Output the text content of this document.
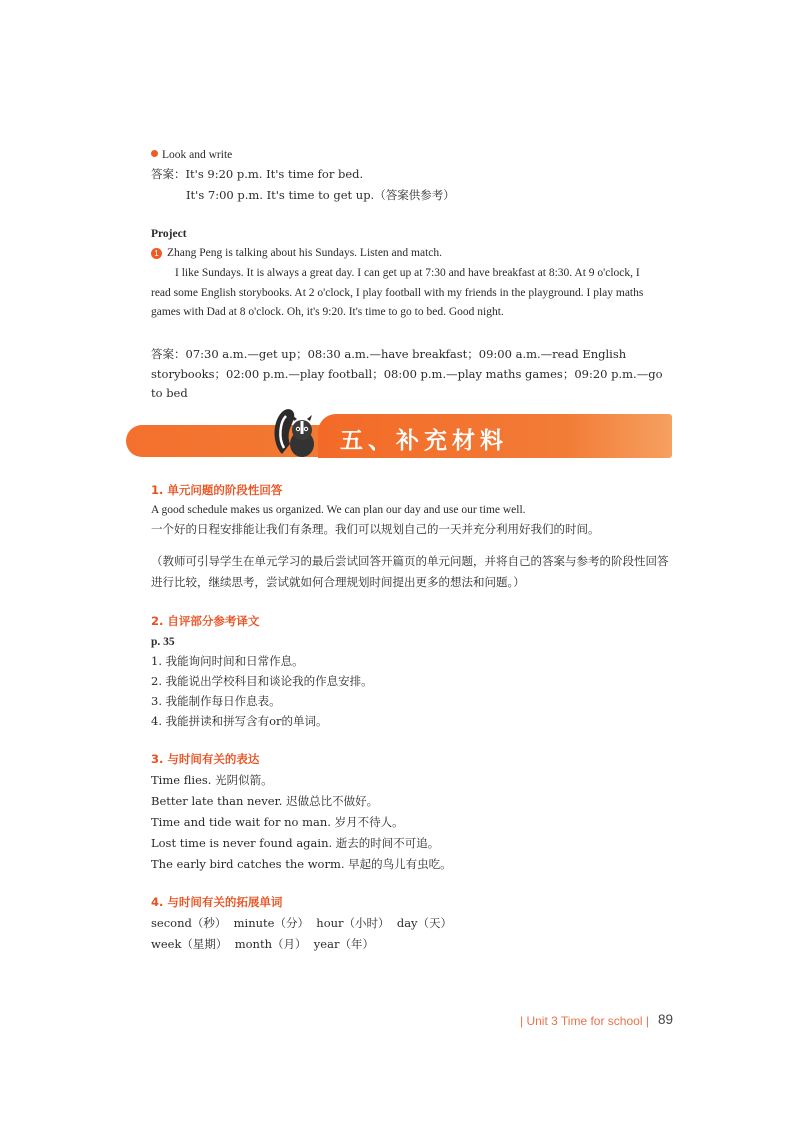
Look and write
答案：It's 9:20 p.m. It's time for bed.
It's 7:00 p.m. It's time to get up.（答案供参考）
Project
1 Zhang Peng is talking about his Sundays. Listen and match.
I like Sundays. It is always a great day. I can get up at 7:30 and have breakfast at 8:30. At 9 o'clock, I read some English storybooks. At 2 o'clock, I play football with my friends in the playground. I play maths games with Dad at 8 o'clock. Oh, it's 9:20. It's time to go to bed. Good night.
答案：07:30 a.m.—get up；08:30 a.m.—have breakfast；09:00 a.m.—read English storybooks；02:00 p.m.—play football；08:00 p.m.—play maths games；09:20 p.m.—go to bed
五、补充材料
1. 单元问题的阶段性回答
A good schedule makes us organized. We can plan our day and use our time well.
一个好的日程安排能让我们有条理。我们可以规划自己的一天并充分利用好我们的时间。
（教师可引导学生在单元学习的最后尝试回答开篇页的单元问题，并将自己的答案与参考的阶段性回答进行比较，继续思考，尝试就如何合理规划时间提出更多的想法和问题。）
2. 自评部分参考译文
p. 35
1. 我能询问时间和日常作息。
2. 我能说出学校科目和谈论我的作息安排。
3. 我能制作每日作息表。
4. 我能拼读和拼写含有or的单词。
3. 与时间有关的表达
Time flies. 光阴似箭。
Better late than never. 迟做总比不做好。
Time and tide wait for no man. 岁月不待人。
Lost time is never found again. 逝去的时间不可追。
The early bird catches the worm. 早起的鸟儿有虫吃。
4. 与时间有关的拓展单词
second（秒）  minute（分）  hour（小时）  day（天）
week（星期）  month（月）  year（年）
| Unit 3 Time for school | 89
